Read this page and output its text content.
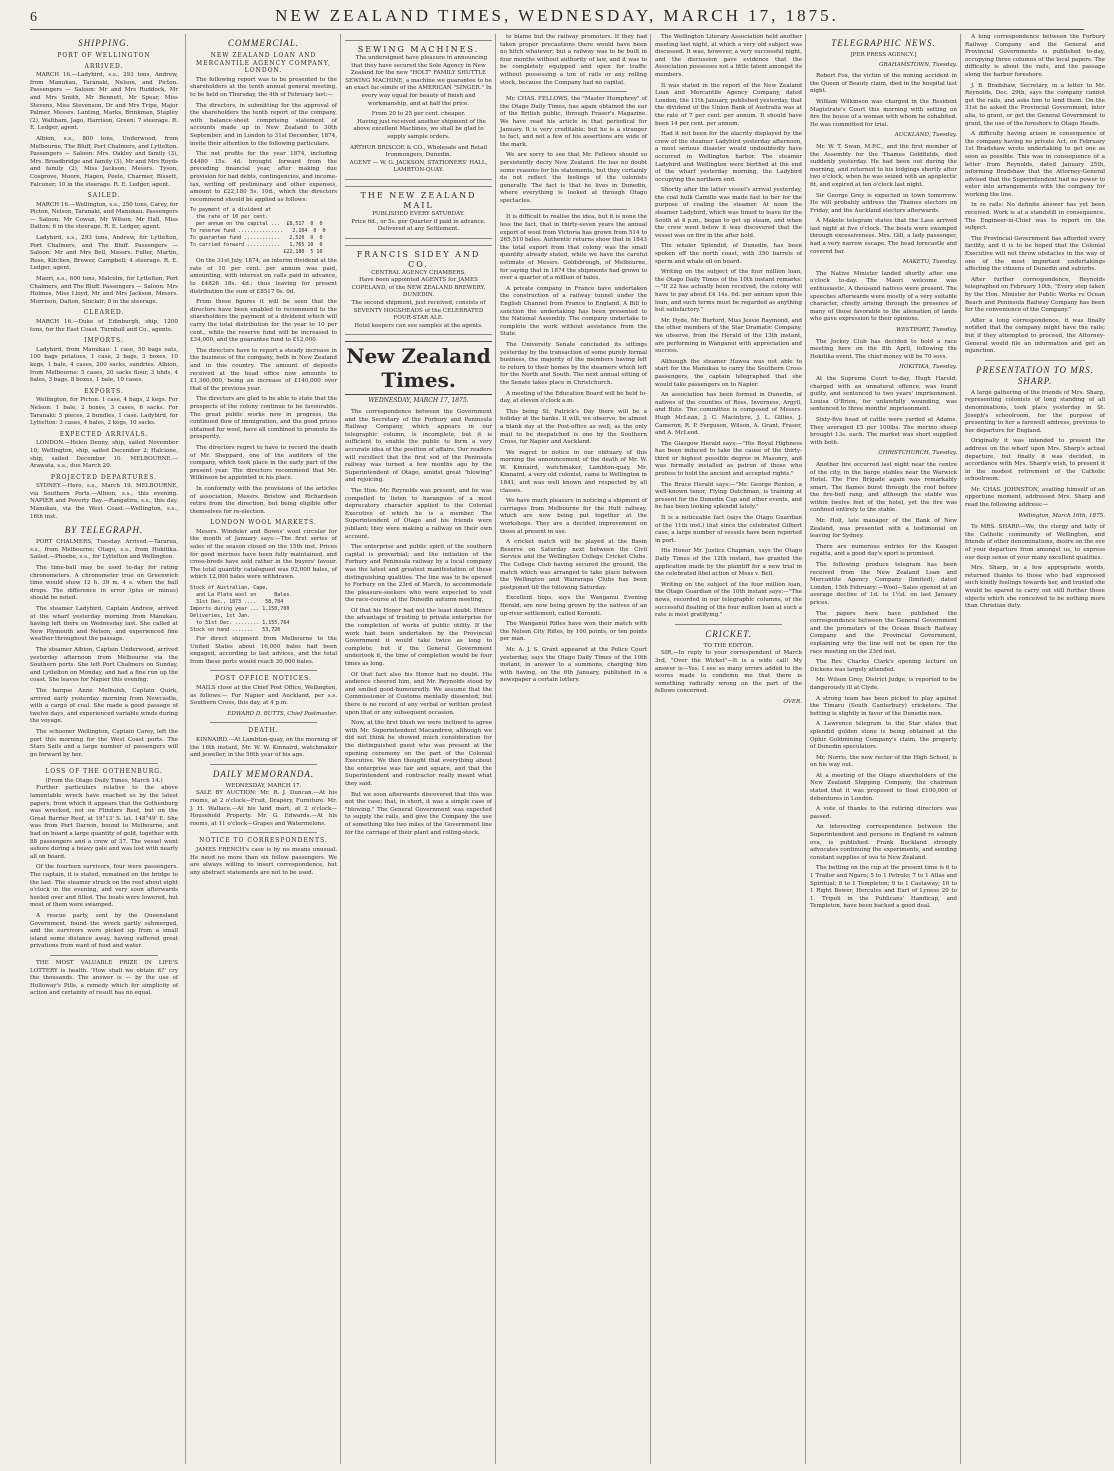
6	NEW ZEALAND TIMES, WEDNESDAY, MARCH 17, 1875.
SHIPPING.
PORT OF WELLINGTON
ARRIVED.

MARCH 16.—Ladybird, s.s., 293 tons, Andrew, from Manukau, Taranaki, Nelson, and Picton. Passengers — Saloon: Mr and Mrs Ruddock, Mr and Mrs Smith, Mr Bennett, Mr Spear, Miss Stevens, Miss Stevenson, Dr and Mrs Tripe, Major Palmer, Messrs. Lanting, Marks, Brinkman, Stapley (2), Waltham, Jago, Harrison, Green; 7 steerage. R. E. Ledger, agent.

Albion, s.s., 800 tons, Underwood, from Melbourne, The Bluff, Port Chalmers, and Lyttelton. Passengers — Saloon: Mrs. Oakley and family (3), Mrs. Broadbridge and family (3), Mr and Mrs Royds and family (2), Miss Jackson; Messrs. Tyson, Cosgrove, Moore, Hagen, Peele, Charmer, Bissett, Falconer; 10 in the steerage. R. E. Ledger, agent.

SAILED.

MARCH 16.—Wellington, s.s., 250 tons, Carey, for Picton, Nelson, Taranaki, and Manukau. Passengers — Saloon: Mr Cowan, Mr Wilson, Mr Hall, Miss Dalton; 6 in the steerage. R. E. Ledger, agent.

Ladybird, s.s., 293 tons, Andrew, for Lyttelton, Port Chalmers, and The Bluff. Passengers — Saloon: Mr and Mrs Bell, Messrs. Fuller, Martin, Rose, Kitchen, Brewer, Campbell; 4 steerage. R. E. Ledger, agent.

Maori, s.s., 600 tons, Malcolm, for Lyttelton, Port Chalmers, and The Bluff. Passengers — Saloon: Mrs Holmes, Miss Lloyd, Mr and Mrs Jackson, Messrs. Morrison, Dalton, Sinclair; 8 in the steerage.

CLEARED.

MARCH 16.—Duke of Edinburgh, ship, 1200 tons, for the East Coast. Turnbull and Co., agents.

IMPORTS.

Ladybird, from Manukau: 1 case, 50 bags oats, 100 bags potatoes, 1 case, 2 bags, 3 boxes, 10 kegs, 1 bale, 4 cases, 200 sacks, sundries. Albion, from Melbourne: 5 cases, 20 sacks flour, 3 hhds, 4 bales, 3 bags, 8 boxes, 1 bale, 10 cases.

EXPORTS.

Wellington, for Picton: 1 case, 4 bags, 2 kegs. For Nelson: 1 bale, 2 boxes, 3 cases, 6 sacks. For Taranaki: 5 pieces, 2 bundles, 1 case. Ladybird, for Lyttelton: 3 cases, 4 bales, 2 kegs, 10 sacks.

EXPECTED ARRIVALS.

LONDON.—Helen Denny, ship, sailed November 10; Wellington, ship, sailed December 2; Halcione, ship, sailed December 10. MELBOURNE.—Arawata, s.s., due March 20.

PROJECTED DEPARTURES.

SYDNEY.—Hero, s.s., March 19. MELBOURNE, via Southern Ports.—Albion, s.s., this evening. NAPIER and Poverty Bay.—Rangatira, s.s., this day. Manukau, via the West Coast.—Wellington, s.s., 16th inst.

BY TELEGRAPH.

PORT CHALMERS, Tuesday. Arrived.—Tararua, s.s., from Melbourne; Otago, s.s., from Hokitika. Sailed.—Phoebe, s.s., for Lyttelton and Wellington.

The time-ball may be used to-day for rating chronometers. A chronometer true on Greenwich time would show 12 h. 39 m. 4 s. when the ball drops. The difference in error (plus or minus) should be noted.

The steamer Ladybird, Captain Andrew, arrived at the wharf yesterday morning from Manukau, having left there on Wednesday last. She called at New Plymouth and Nelson, and experienced fine weather throughout the passage.

The steamer Albion, Captain Underwood, arrived yesterday afternoon from Melbourne via the Southern ports. She left Port Chalmers on Sunday, and Lyttelton on Monday, and had a fine run up the coast. She leaves for Napier this evening.

The barque Anne Melhuish, Captain Quirk, arrived early yesterday morning from Newcastle, with a cargo of coal. She made a good passage of twelve days, and experienced variable winds during the voyage.

The schooner Wellington, Captain Carey, left the port this morning for the West Coast ports. The Stars Sails and a large number of passengers will go forward by her.

LOSS OF THE GOTHENBURG.
(From the Otago Daily Times, March 14.)

Further particulars relative to the above lamentable wreck have reached us by the latest papers, from which it appears that the Gothenburg was wrecked, not on Flinders Reef, but on the Great Barrier Reef, at 19°13' S. lat. 148°49' E. She was from Port Darwin, bound to Melbourne, and had on board a large quantity of gold, together with 88 passengers and a crew of 37. The vessel went ashore during a heavy gale and was lost with nearly all on board.

Of the fourteen survivors, four were passengers. The captain, it is stated, remained on the bridge to the last. The steamer struck on the reef about eight o'clock in the evening, and very soon afterwards heeled over and filled. The boats were lowered, but most of them were swamped.

A rescue party, sent by the Queensland Government, found the wreck partly submerged, and the survivors were picked up from a small island some distance away, having suffered great privations from want of food and water.

THE MOST VALUABLE PRIZE IN LIFE'S LOTTERY is health. 'How shall we obtain it?' cry the thousands. The answer is — by the use of Holloway's Pills, a remedy which for simplicity of action and certainty of result has no equal.

COMMERCIAL.
NEW ZEALAND LOAN AND MERCANTILE AGENCY COMPANY, LONDON.

The following report was to be presented to the shareholders at the tenth annual general meeting, to be held on Thursday, the 4th of February last:—

The directors, in submitting for the approval of the shareholders the tenth report of the company, with balance-sheet comprising statement of accounts made up in New Zealand to 30th September, and in London to 31st December, 1874, invite their attention to the following particulars.

The net profits for the year 1874, including £4480 15s. 4d. brought forward from the preceding financial year, after making due provision for bad debts, contingencies, and income-tax, writing off preliminary and other expenses, amount to £22,180 5s. 10d., which the directors recommend should be applied as follows:

To payment of a dividend at
the rate of 10 per cent.
per annum on the capital ...  £8,517  0  0
To reserve fund ...............   2,104  0  0
To guarantee fund ............   2,520  0  0
To carried forward ...........   1,765 10  0
£22,180  5 10

On the 31st July, 1874, an interim dividend at the rate of 10 per cent. per annum was paid, amounting, with interest on calls paid in advance, to £4826 18s. 4d.; thus leaving for present distribution the sum of £8517 0s. 0d.

From these figures it will be seen that the directors have been enabled to recommend to the shareholders the payment of a dividend which will carry the total distribution for the year to 10 per cent., while the reserve fund will be increased to £34,000, and the guarantee fund to £12,000.

The directors have to report a steady increase in the business of the company, both in New Zealand and in this country. The amount of deposits received at the head office now amounts to £1,360,000, being an increase of £140,000 over that of the previous year.

The directors are glad to be able to state that the prospects of the colony continue to be favourable. The great public works now in progress, the continued flow of immigration, and the good prices obtained for wool, have all combined to promote its prosperity.

The directors regret to have to record the death of Mr. Sheppard, one of the auditors of the company, which took place in the early part of the present year. The directors recommend that Mr. Wilkinson be appointed in his place.

In conformity with the provisions of the articles of association, Messrs. Bristow and Richardson retire from the direction, but being eligible offer themselves for re-election.

LONDON WOOL MARKETS.

Messrs. Windeler and Bowes' wool circular for the month of January says:—The first series of sales of the season closed on the 15th inst. Prices for good merinos have been fully maintained, and cross-breds have sold rather in the buyers' favour. The total quantity catalogued was 92,000 bales, of which 12,000 bales were withdrawn.

Stock of Australian, Cape,
and La Plata wool on      Bales.
31st Dec., 1873 ....   58,784
Imports during year ... 1,150,700
Deliveries, 1st Jan.
to 31st Dec. ........ 1,155,764
Stock on hand .......   53,720

For direct shipment from Melbourne to the United States about 16,000 bales had been engaged, according to last advices, and the total from these ports would reach 30,000 bales.

POST OFFICE NOTICES.

MAILS close at the Chief Post Office, Wellington, as follows:— For Napier and Auckland, per s.s. Southern Cross, this day, at 4 p.m.

EDWARD D. BUTTS, Chief Postmaster.
DEATH.

KINNAIRD.—At Lambton-quay, on the morning of the 16th instant, Mr. W. W. Kinnaird, watchmaker and jeweller, in the 56th year of his age.

DAILY MEMORANDA.
WEDNESDAY, MARCH 17.

SALE BY AUCTION: Mr. R. J. Duncan.—At his rooms, at 2 o'clock—Fruit, Drapery, Furniture. Mr. J. H. Wallace.—At his land mart, at 2 o'clock—Household Property. Mr. G. Edwards.—At his rooms, at 11 o'clock—Grapes and Watermelons.

NOTICE TO CORRESPONDENTS.

JAMES FRENCH's case is by no means unusual. He need no more than six fellow passengers. We are always willing to insert correspondence, but any abstract statements are not to be used.

SEWING MACHINES.

The undersigned have pleasure in announcing that they have secured the Sole Agency in New Zealand for the new "HOLT" FAMILY SHUTTLE SEWING MACHINE, a machine we guarantee to be an exact fac-simile of the AMERICAN "SINGER." In every way equal for beauty of finish and workmanship, and at half the price.

From 20 to 25 per cent. cheaper.

Having just received another shipment of the above excellent Machines, we shall be glad to supply sample orders.

ARTHUR BRISCOE & CO., Wholesale and Retail Ironmongers, Dunedin.
AGENT — W. G. JACKSON, STATIONERS' HALL, LAMBTON-QUAY.
THE NEW ZEALAND MAIL
PUBLISHED EVERY SATURDAY.
Price 6d., or 5s. per Quarter if paid in advance. Delivered at any Settlement.
FRANCIS SIDEY AND CO.
CENTRAL AGENCY CHAMBERS,
Have been appointed AGENTS for JAMES COPELAND, of the NEW ZEALAND BREWERY, DUNEDIN.
The second shipment, just received, consists of SEVENTY HOGSHEADS of the CELEBRATED FOUR-STAR ALE.
Hotel keepers can see samples at the agents.
New Zealand Times.
WEDNESDAY, MARCH 17, 1875.

The correspondence between the Government and the Secretary of the Forbury and Peninsula Railway Company, which appears in our telegraphic column, is incomplete, but it is sufficient to enable the public to form a very accurate idea of the position of affairs. Our readers will recollect that the first sod of the Peninsula railway was turned a few months ago by the Superintendent of Otago, amidst great "blowing" and rejoicing.

The Hon. Mr. Reynolds was present, and he was compelled to listen to harangues of a most deprecatory character applied to the Colonial Executive of which he is a member. The Superintendent of Otago and his friends were jubilant; they were making a railway on their own account.

The enterprise and public spirit of the southern capital is proverbial; and the initiation of the Forbury and Peninsula railway by a local company was the latest and greatest manifestation of these distinguishing qualities. The line was to be opened to Forbury on the 23rd of March, to accommodate the pleasure-seekers who were expected to visit the race-course at the Dunedin autumn meeting.

Of that his Honor had not the least doubt. Hence the advantage of trusting to private enterprise for the completion of works of public utility. If the work had been undertaken by the Provincial Government it would take twice as long to complete; but if the General Government undertook it, the time of completion would be four times as long.

Of that fact also his Honor had no doubt. His audience cheered him, and Mr. Reynolds stood by and smiled good-humouredly. We assume that the Commissioner of Customs mentally dissented; but there is no record of any verbal or written protest upon that or any subsequent occasion.

Now, at the first blush we were inclined to agree with Mr. Superintendent Macandrew, although we did not think he showed much consideration for the distinguished guest who was present at the opening ceremony on the part of the Colonial Executive. We then thought that everything about the enterprise was fair and square, and that the Superintendent and contractor really meant what they said.

But we soon afterwards discovered that this was not the case; that, in short, it was a simple case of "blowing." The General Government was expected to supply the rails, and give the Company the use of something like two miles of the Government line for the carriage of their plant and rolling-stock.

to blame but the railway promoters. If they had taken proper precautions there would have been no hitch whatever; but a railway was to be built in four months without authority of law, and it was to be completely equipped and open for traffic without possessing a ton of rails or any rolling stock, because the Company had no capital.

Mr. CHAS. FELLOWS, the "Master Humphrey" of the Otago Daily Times, has again obtained the ear of the British public, through Fraser's Magazine. We have read his article in that periodical for January. It is very creditable; but he is a stranger to fact, and not a few of his assertions are wide of the mark.

We are sorry to see that Mr. Fellows should so persistently decry New Zealand. He has no doubt some reasons for his statements, but they certainly do not reflect the feelings of the colonists generally. The fact is that he lives in Dunedin, where everything is looked at through Otago spectacles.

It is difficult to realise the idea, but it is none the less the fact, that in thirty-seven years the annual export of wool from Victoria has grown from 514 to 265,510 bales. Authentic returns show that in 1843 the total export from that colony was the small quantity already stated, while we have the careful estimate of Messrs. Goldsbrough, of Melbourne, for saying that in 1874 the shipments had grown to over a quarter of a million of bales.

A private company in France have undertaken the construction of a railway tunnel under the English Channel from France to England. A Bill to sanction the undertaking has been presented to the National Assembly. The company undertake to complete the work without assistance from the State.

The University Senate concluded its sittings yesterday by the transaction of some purely formal business, the majority of the members having left to return to their homes by the steamers which left for the North and South. The next annual sitting of the Senate takes place in Christchurch.

A meeting of the Education Board will be held to-day, at eleven o'clock a.m.

This being St. Patrick's Day there will be a holiday at the banks. It will, we observe, be almost a blank day at the Post-office as well, as the only mail to be despatched is one by the Southern Cross, for Napier and Auckland.

We regret to notice in our obituary of this morning the announcement of the death of Mr. W. W. Kinnaird, watchmaker, Lambton-quay. Mr. Kinnaird, a very old colonist, came to Wellington in 1841, and was well known and respected by all classes.

We have much pleasure in noticing a shipment of carriages from Melbourne for the Hutt railway, which are now being put together at the workshops. They are a decided improvement on those at present in use.

A cricket match will be played at the Basin Reserve on Saturday next between the Civil Service and the Wellington College Cricket Clubs. The College Club having secured the ground, the match which was arranged to take place between the Wellington and Wairarapa Clubs has been postponed till the following Saturday.

Excellent hops, says the Wanganui Evening Herald, are now being grown by the natives of an up-river settlement, called Koroniti.

The Wanganui Rifles have won their match with the Nelson City Rifles, by 100 points, or ten points per man.

Mr. A. J. S. Grant appeared at the Police Court yesterday, says the Otago Daily Times of the 10th instant, in answer to a summons, charging him with having, on the 6th January, published in a newspaper a certain lottery.

The Wellington Literary Association held another meeting last night, at which a very old subject was discussed. It was, however, a very successful night, and the discussion gave evidence that the Association possesses not a little talent amongst its members.

It was stated in the report of the New Zealand Loan and Mercantile Agency Company, dated London, the 11th January, published yesterday, that the dividend of the Union Bank of Australia was at the rate of 7 per cent. per annum. It should have been 14 per cent. per annum.

Had it not been for the alacrity displayed by the crew of the steamer Ladybird yesterday afternoon, a most serious disaster would undoubtedly have occurred in Wellington harbor. The steamer Ladybird and Wellington were berthed at the end of the wharf yesterday morning, the Ladybird occupying the northern end.

Shortly after the latter vessel's arrival yesterday, the coal hulk Camille was made fast to her for the purpose of coaling the steamer. At noon the steamer Ladybird, which was timed to leave for the South at 4 p.m., began to get up steam, and when the crew went below it was discovered that the vessel was on fire in the after hold.

The whaler Splendid, of Dunedin, has been spoken off the north coast, with 350 barrels of sperm and whale oil on board.

Writing on the subject of the four million loan, the Otago Daily Times of the 10th instant remarks:—"If 22 has actually been received, the colony will have to pay about £4 14s. 6d. per annum upon this loan, and such terms must be regarded as anything but satisfactory."

Mr. Hyde, Mr. Burford, Miss Jessie Raymond, and the other members of the Star Dramatic Company, we observe, from the Herald of the 13th instant, are performing in Wanganui with appreciation and success.

Although the steamer Hawea was not able to start for the Manukau to carry the Southern Cross passengers, the captain telegraphed that she would take passengers on to Napier.

An association has been formed in Dunedin, of natives of the counties of Ross, Inverness, Argyll, and Bute. The committee is composed of Messrs. Hugh McLean, J. C. Macintyre, J. L. Gillies, J. Cameron, R. P. Ferguson, Wilson, A. Grant, Fraser, and A. McLeod.

The Glasgow Herald says:—"His Royal Highness has been induced to take the cause of the thirty-third or highest possible degree in Masonry, and was formally installed as patron of those who profess to hold the ancient and accepted rights."

The Bruce Herald says:—"Mr. George Renton, a well-known tenor, Flying Dutchman, is training at present for the Dunedin Cup and other events, and he has been looking splendid lately."

It is a noticeable fact (says the Otago Guardian of the 11th inst.) that since the celebrated Gilbert case, a large number of vessels have been reported in port.

His Honor Mr. Justice Chapman, says the Otago Daily Times of the 12th instant, has granted the application made by the plaintiff for a new trial in the celebrated libel action of Moss v. Bell.

Writing on the subject of the four million loan, the Otago Guardian of the 10th instant says:—"The news, recorded in our telegraphic columns, of the successful floating of the four million loan at such a rate is most gratifying."

CRICKET.
TO THE EDITOR.

SIR,—In reply to your correspondent of March 3rd, "Over the Wicket"—It is a wide call! My answer is—Yes. I see so many errors added to the scores made to condemn me that there is something radically wrong on the part of the fellows concerned.

OVER.
TELEGRAPHIC NEWS.
[PER PRESS AGENCY.]
GRAHAMSTOWN, Tuesday.

Robert Fox, the victim of the mining accident in the Queen of Beauty claim, died in the hospital last night.

William Wilkinson was charged in the Resident Magistrate's Court this morning with setting on fire the house of a woman with whom he cohabited. He was committed for trial.

AUCKLAND, Tuesday.

Mr. W. T. Swan, M.P.C., and the first member of the Assembly for the Thames Goldfields, died suddenly yesterday. He had been out during the morning, and returned to his lodgings shortly after two o'clock, when he was seized with an apoplectic fit, and expired at ten o'clock last night.

Sir George Grey is expected in town tomorrow. He will probably address the Thames electors on Friday, and the Auckland electors afterwards.

A Makete telegram states that the Lass arrived last night at five o'clock. The boats were swamped through excessiveness. Mrs. Gill, a lady passenger, had a very narrow escape. The head forecastle and covered bar.

MAKETU, Tuesday.

The Native Minister landed shortly after one o'clock to-day. The Maori welcome was enthusiastic. A thousand natives were present. The speeches afterwards were mostly of a very suitable character, chiefly arising through the presence of many of those favorable to the alienation of lands who gave expression to their opinions.

WESTPORT, Tuesday.

The Jockey Club has decided to hold a race meeting here on the 8th April, following the Hokitika event. The chief money will be 70 sovs.

HOKITIKA, Tuesday.

At the Supreme Court to-day, Hugh Harold, charged with an unnatural offence, was found guilty, and sentenced to two years' imprisonment. Louisa O'Brien, for unlawfully wounding, was sentenced to three months' imprisonment.

Sixty-five head of cattle were yarded at Adams. They averaged £5 per 100lbs. The merino sheep brought 13s. each. The market was short supplied with both.

CHRISTCHURCH, Tuesday.

Another fire occurred last night near the centre of the city, in the barge stables near the Warwick Hotel. The Fire Brigade again was remarkably smart. The flames burst through the roof before the fire-bell rang, and although the stable was within twelve feet of the hotel, yet the fire was confined entirely to the stable.

Mr. Holt, late manager of the Bank of New Zealand, was presented with a testimonial on leaving for Sydney.

There are numerous entries for the Kaiapoi regatta, and a good day's sport is promised.

The following produce telegram has been received from the New Zealand Loan and Mercantile Agency Company (limited), dated London, 15th February:—Wool—Sales opened at an average decline of 1d. to 1½d. on last January prices.

The papers here have published the correspondence between the General Government and the promoters of the Ocean Beach Railway Company and the Provincial Government, explaining why the line will not be open for the race meeting on the 23rd inst.

The Rev. Charles Clark's opening lecture on Dickens was largely attended.

Mr. Wilson Grey, District Judge, is reported to be dangerously ill at Clyde.

A strong team has been picked to play against the Timaru (South Canterbury) cricketers. The betting is slightly in favor of the Dunedin men.

A Lawrence telegram to the Star states that splendid golden stone is being obtained at the Ophir Goldmining Company's claim, the property of Dunedin speculators.

Mr. Norris, the new rector of the High School, is on his way out.

At a meeting of the Otago shareholders of the New Zealand Shipping Company, the chairman stated that it was proposed to float £100,000 of debentures in London.

A vote of thanks to the retiring directors was passed.

An interesting correspondence between the Superintendent and persons in England re salmon ova, is published. Frank Buckland strongly advocates continuing the experiments, and sending constant supplies of ova to New Zealand.

The betting on the cup at the present time is 6 to 1 Trailor and Ngaro; 5 to 1 Petrolo; 7 to 1 Atlas and Spiritual; 8 to 1 Templeton; 9 to 1 Castaway; 10 to 1 Right Bower, Hercules and Earl of Lyness 20 to 1. Tripoli in the Publicans' Handicap, and Templeton, have been backed a good deal.

A long correspondence between the Forbury Railway Company and the General and Provincial Governments is published to-day, occupying three columns of the local papers. The difficulty is about the rails, and the passage along the harbor foreshore.

J. B. Bradshaw, Secretary, in a letter to Mr. Reynolds, Dec. 29th, says the company cannot get the rails, and asks him to lend them. On the 31st he asked the Provincial Government, inter alia, to grant, or get the General Government to grant, the use of the foreshore to Otago Heads.

A difficulty having arisen in consequence of the company having no private Act, on February 1st Bradshaw wrote undertaking to get one as soon as possible. This was in consequence of a letter from Reynolds, dated January 25th, informing Bradshaw that the Attorney-General advised that the Superintendent had no power to enter into arrangements with the company for working the line.

In re rails: No definite answer has yet been received. Work is at a standstill in consequence. The Engineer-in-Chief was to report on the subject.

The Provincial Government has afforded every facility, and it is to be hoped that the Colonial Executive will not throw obstacles in the way of one of the most important undertakings affecting the citizens of Dunedin and suburbs.

After further correspondence, Reynolds telegraphed on February 10th, "Every step taken by the Hon. Minister for Public Works re Ocean Beach and Peninsula Railway Company has been for the convenience of the Company."

After a long correspondence, it was finally notified that the company might have the rails; but if they attempted to proceed, the Attorney-General would file an information and get an injunction.

PRESENTATION TO MRS. SHARP.

A large gathering of the friends of Mrs. Sharp, representing colonists of long standing of all denominations, took place yesterday in St. Joseph's schoolroom, for the purpose of presenting to her a farewell address, previous to her departure for England.

Originally it was intended to present the address on the wharf upon Mrs. Sharp's actual departure, but finally it was decided, in accordance with Mrs. Sharp's wish, to present it in the modest retirement of the Catholic schoolroom.

Mr. CHAS. JOHNSTON, availing himself of an opportune moment, addressed Mrs. Sharp and read the following address:—

Wellington, March 16th, 1875.

To MRS. SHARP.—We, the clergy and laity of the Catholic community of Wellington, and friends of other denominations, desire on the eve of your departure from amongst us, to express our deep sense of your many excellent qualities.

Mrs. Sharp, in a few appropriate words, returned thanks to those who had expressed such kindly feelings towards her, and trusted she would be spared to carry out still further those objects which she conceived to be nothing more than Christian duty.
